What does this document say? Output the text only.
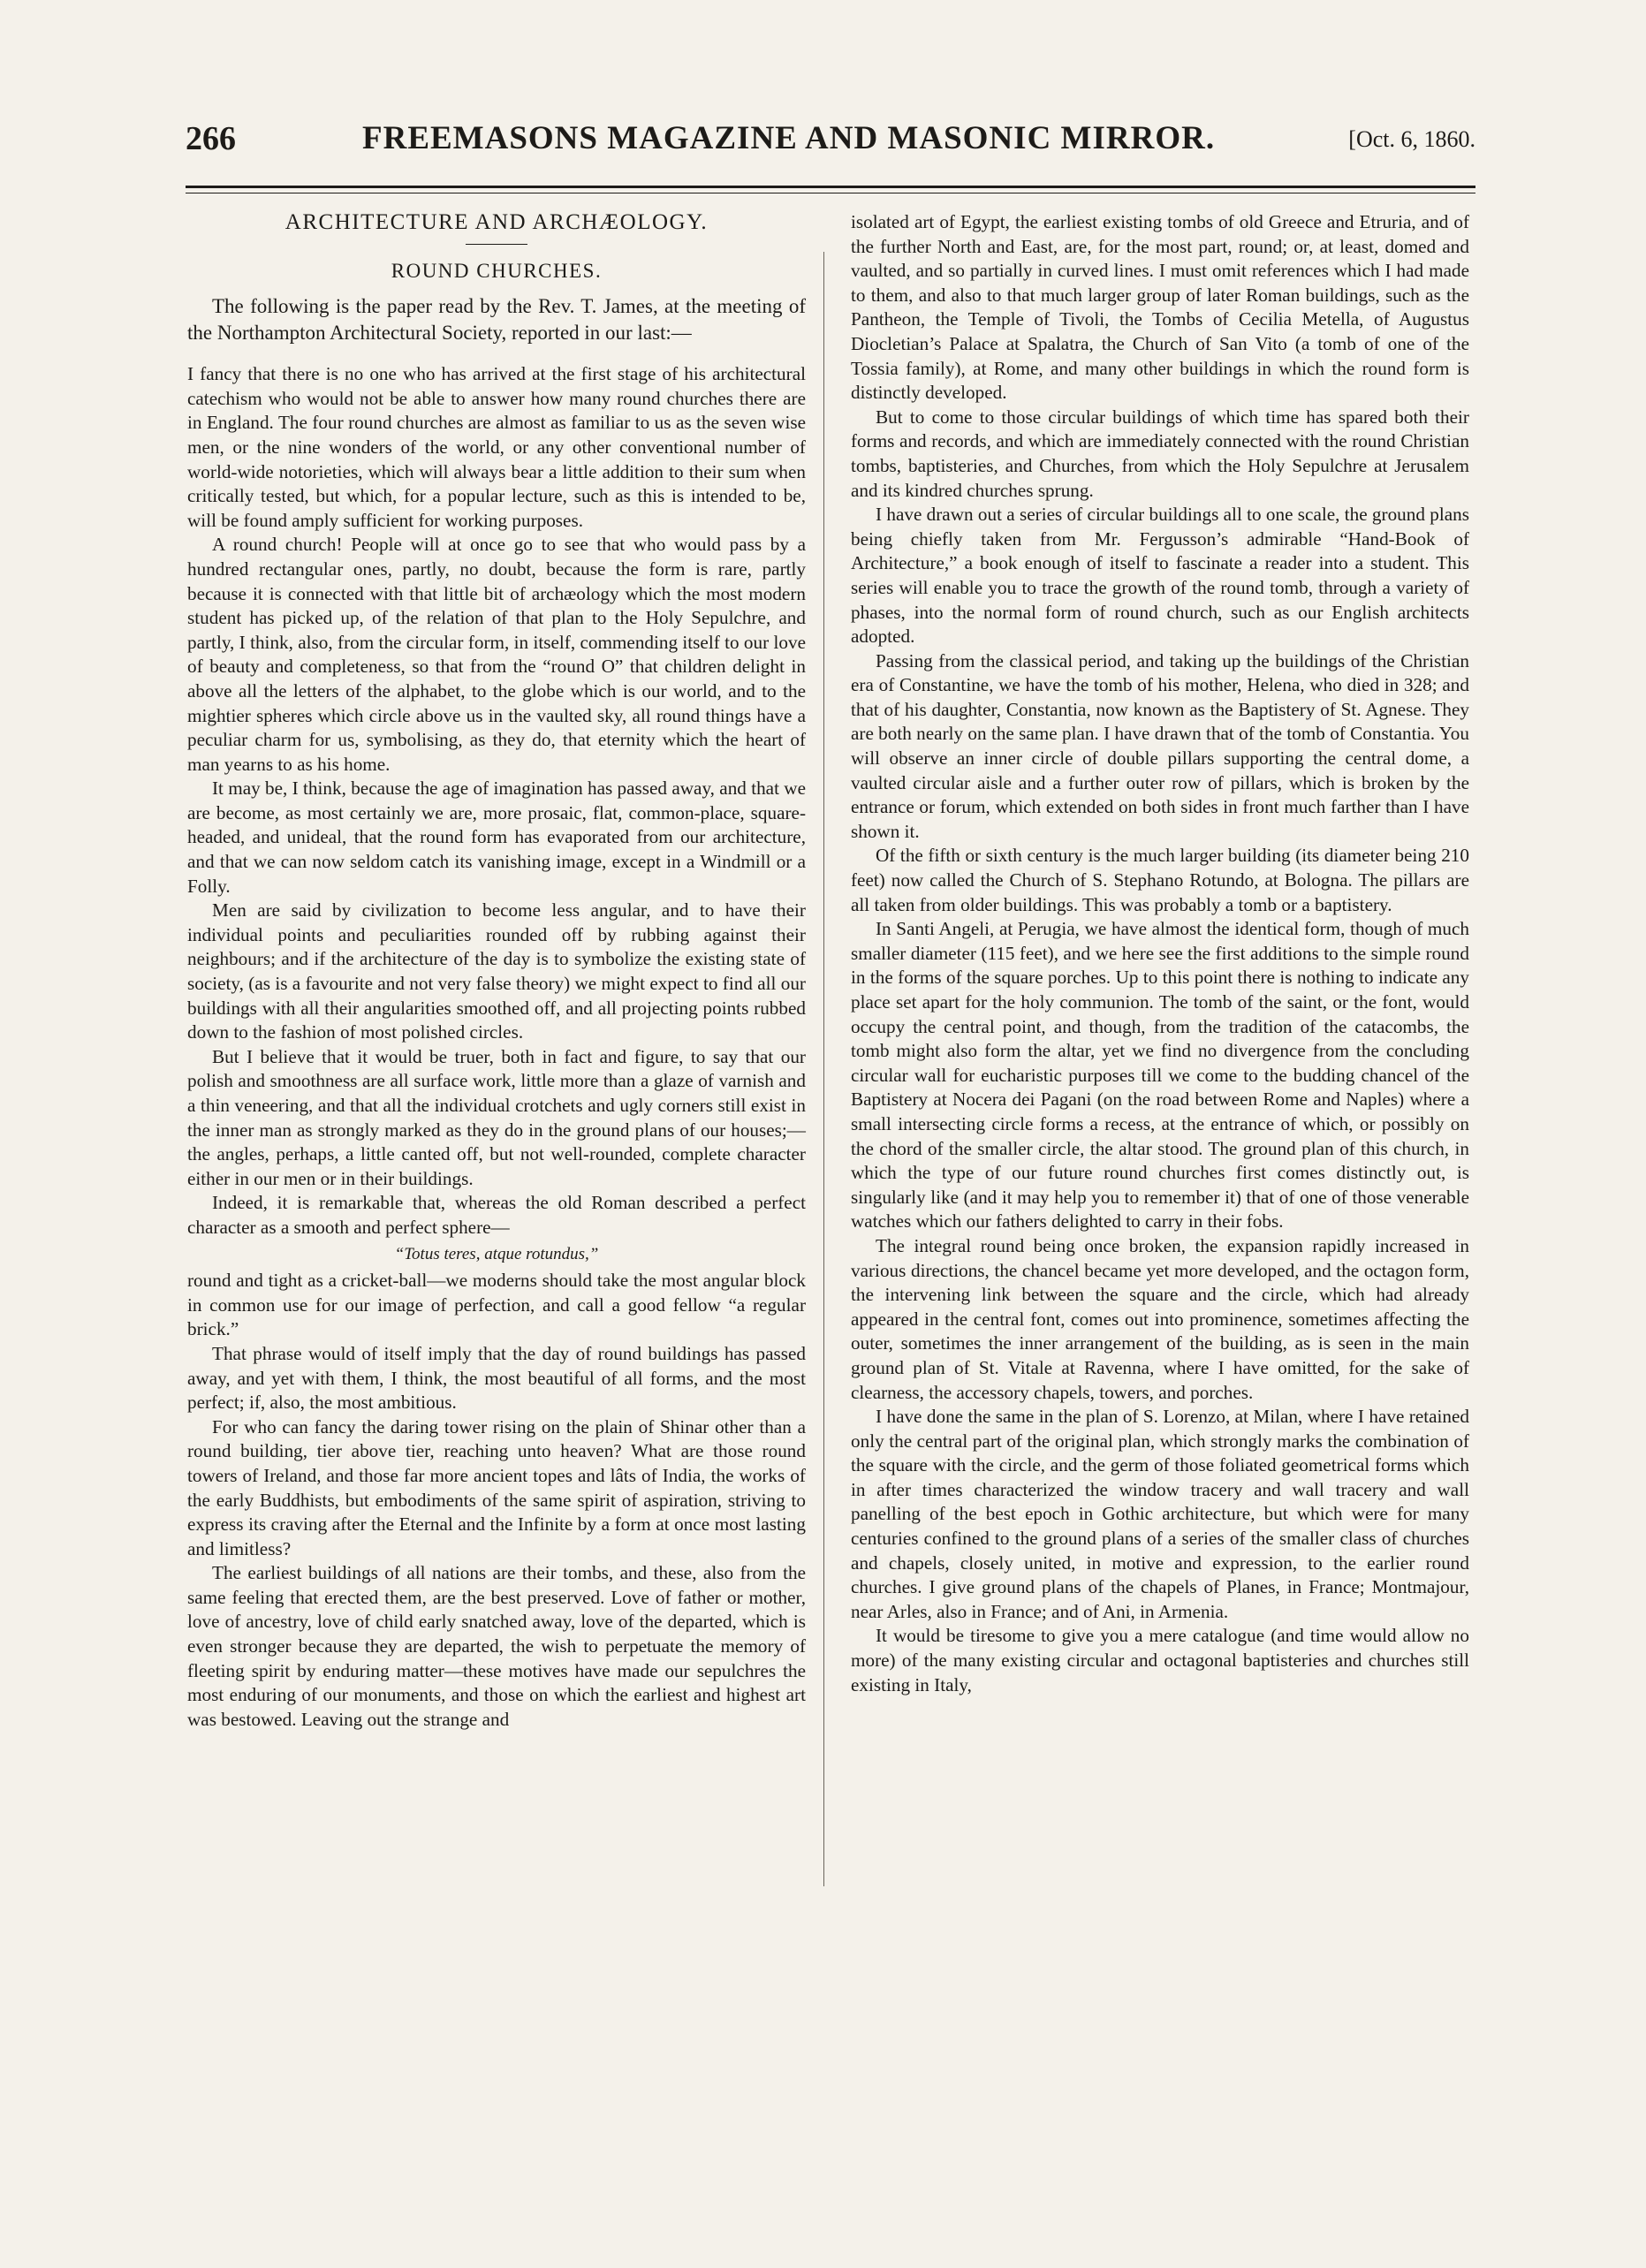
266	FREEMASONS MAGAZINE AND MASONIC MIRROR.	[Oct. 6, 1860.
ARCHITECTURE AND ARCHÆOLOGY.
ROUND CHURCHES.

The following is the paper read by the Rev. T. James, at the meeting of the Northampton Architectural Society, reported in our last:—

I fancy that there is no one who has arrived at the first stage of his architectural catechism who would not be able to answer how many round churches there are in England. The four round churches are almost as familiar to us as the seven wise men, or the nine wonders of the world, or any other conventional number of world-wide notorieties, which will always bear a little addition to their sum when critically tested, but which, for a popular lecture, such as this is intended to be, will be found amply sufficient for working purposes.

A round church! People will at once go to see that who would pass by a hundred rectangular ones, partly, no doubt, because the form is rare, partly because it is connected with that little bit of archæology which the most modern student has picked up, of the relation of that plan to the Holy Sepulchre, and partly, I think, also, from the circular form, in itself, commending itself to our love of beauty and completeness, so that from the “round O” that children delight in above all the letters of the alphabet, to the globe which is our world, and to the mightier spheres which circle above us in the vaulted sky, all round things have a peculiar charm for us, symbolising, as they do, that eternity which the heart of man yearns to as his home.

It may be, I think, because the age of imagination has passed away, and that we are become, as most certainly we are, more prosaic, flat, common-place, square-headed, and unideal, that the round form has evaporated from our architecture, and that we can now seldom catch its vanishing image, except in a Windmill or a Folly.

Men are said by civilization to become less angular, and to have their individual points and peculiarities rounded off by rubbing against their neighbours; and if the architecture of the day is to symbolize the existing state of society, (as is a favourite and not very false theory) we might expect to find all our buildings with all their angularities smoothed off, and all projecting points rubbed down to the fashion of most polished circles.

But I believe that it would be truer, both in fact and figure, to say that our polish and smoothness are all surface work, little more than a glaze of varnish and a thin veneering, and that all the individual crotchets and ugly corners still exist in the inner man as strongly marked as they do in the ground plans of our houses;—the angles, perhaps, a little canted off, but not well-rounded, complete character either in our men or in their buildings.

Indeed, it is remarkable that, whereas the old Roman described a perfect character as a smooth and perfect sphere—

“Totus teres, atque rotundus,”

round and tight as a cricket-ball—we moderns should take the most angular block in common use for our image of perfection, and call a good fellow “a regular brick.”

That phrase would of itself imply that the day of round buildings has passed away, and yet with them, I think, the most beautiful of all forms, and the most perfect; if, also, the most ambitious.

For who can fancy the daring tower rising on the plain of Shinar other than a round building, tier above tier, reaching unto heaven? What are those round towers of Ireland, and those far more ancient topes and lâts of India, the works of the early Buddhists, but embodiments of the same spirit of aspiration, striving to express its craving after the Eternal and the Infinite by a form at once most lasting and limitless?

The earliest buildings of all nations are their tombs, and these, also from the same feeling that erected them, are the best preserved. Love of father or mother, love of ancestry, love of child early snatched away, love of the departed, which is even stronger because they are departed, the wish to perpetuate the memory of fleeting spirit by enduring matter—these motives have made our sepulchres the most enduring of our monuments, and those on which the earliest and highest art was bestowed. Leaving out the strange and

isolated art of Egypt, the earliest existing tombs of old Greece and Etruria, and of the further North and East, are, for the most part, round; or, at least, domed and vaulted, and so partially in curved lines. I must omit references which I had made to them, and also to that much larger group of later Roman buildings, such as the Pantheon, the Temple of Tivoli, the Tombs of Cecilia Metella, of Augustus Diocletian’s Palace at Spalatra, the Church of San Vito (a tomb of one of the Tossia family), at Rome, and many other buildings in which the round form is distinctly developed.

But to come to those circular buildings of which time has spared both their forms and records, and which are immediately connected with the round Christian tombs, baptisteries, and Churches, from which the Holy Sepulchre at Jerusalem and its kindred churches sprung.

I have drawn out a series of circular buildings all to one scale, the ground plans being chiefly taken from Mr. Fergusson’s admirable “Hand-Book of Architecture,” a book enough of itself to fascinate a reader into a student. This series will enable you to trace the growth of the round tomb, through a variety of phases, into the normal form of round church, such as our English architects adopted.

Passing from the classical period, and taking up the buildings of the Christian era of Constantine, we have the tomb of his mother, Helena, who died in 328; and that of his daughter, Constantia, now known as the Baptistery of St. Agnese. They are both nearly on the same plan. I have drawn that of the tomb of Constantia. You will observe an inner circle of double pillars supporting the central dome, a vaulted circular aisle and a further outer row of pillars, which is broken by the entrance or forum, which extended on both sides in front much farther than I have shown it.

Of the fifth or sixth century is the much larger building (its diameter being 210 feet) now called the Church of S. Stephano Rotundo, at Bologna. The pillars are all taken from older buildings. This was probably a tomb or a baptistery.

In Santi Angeli, at Perugia, we have almost the identical form, though of much smaller diameter (115 feet), and we here see the first additions to the simple round in the forms of the square porches. Up to this point there is nothing to indicate any place set apart for the holy communion. The tomb of the saint, or the font, would occupy the central point, and though, from the tradition of the catacombs, the tomb might also form the altar, yet we find no divergence from the concluding circular wall for eucharistic purposes till we come to the budding chancel of the Baptistery at Nocera dei Pagani (on the road between Rome and Naples) where a small intersecting circle forms a recess, at the entrance of which, or possibly on the chord of the smaller circle, the altar stood. The ground plan of this church, in which the type of our future round churches first comes distinctly out, is singularly like (and it may help you to remember it) that of one of those venerable watches which our fathers delighted to carry in their fobs.

The integral round being once broken, the expansion rapidly increased in various directions, the chancel became yet more developed, and the octagon form, the intervening link between the square and the circle, which had already appeared in the central font, comes out into prominence, sometimes affecting the outer, sometimes the inner arrangement of the building, as is seen in the main ground plan of St. Vitale at Ravenna, where I have omitted, for the sake of clearness, the accessory chapels, towers, and porches.

I have done the same in the plan of S. Lorenzo, at Milan, where I have retained only the central part of the original plan, which strongly marks the combination of the square with the circle, and the germ of those foliated geometrical forms which in after times characterized the window tracery and wall tracery and wall panelling of the best epoch in Gothic architecture, but which were for many centuries confined to the ground plans of a series of the smaller class of churches and chapels, closely united, in motive and expression, to the earlier round churches. I give ground plans of the chapels of Planes, in France; Montmajour, near Arles, also in France; and of Ani, in Armenia.

It would be tiresome to give you a mere catalogue (and time would allow no more) of the many existing circular and octagonal baptisteries and churches still existing in Italy,
